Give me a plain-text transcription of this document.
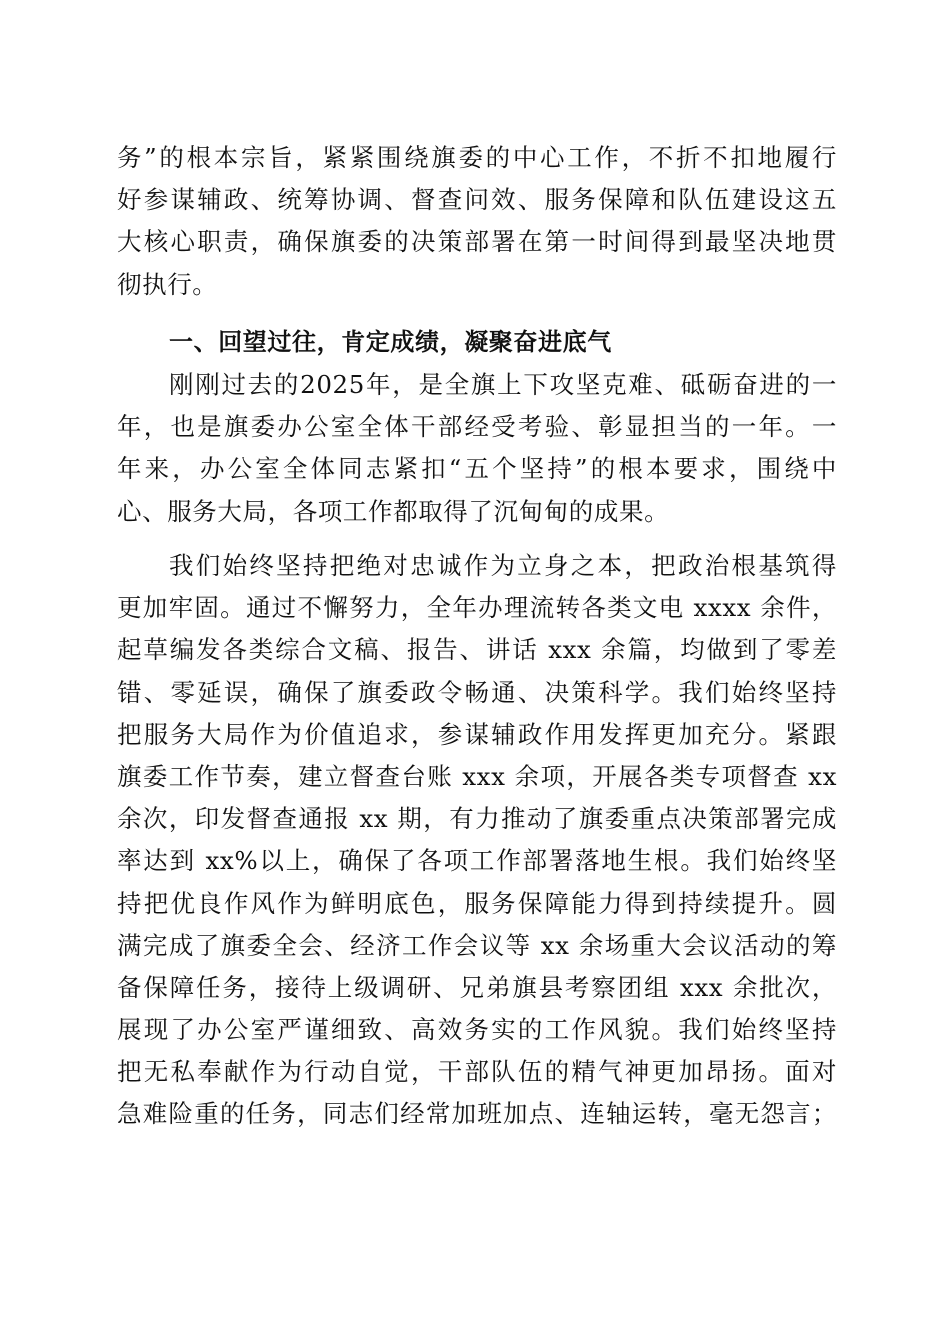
务”的根本宗旨，紧紧围绕旗委的中心工作，不折不扣地履行
好参谋辅政、统筹协调、督查问效、服务保障和队伍建设这五
大核心职责，确保旗委的决策部署在第一时间得到最坚决地贯
彻执行。
一、回望过往，肯定成绩，凝聚奋进底气
刚刚过去的2025年，是全旗上下攻坚克难、砥砺奋进的一
年，也是旗委办公室全体干部经受考验、彰显担当的一年。一
年来，办公室全体同志紧扣“五个坚持”的根本要求，围绕中
心、服务大局，各项工作都取得了沉甸甸的成果。
我们始终坚持把绝对忠诚作为立身之本，把政治根基筑得
更加牢固。通过不懈努力，全年办理流转各类文电 xxxx 余件，
起草编发各类综合文稿、报告、讲话 xxx 余篇，均做到了零差
错、零延误，确保了旗委政令畅通、决策科学。我们始终坚持
把服务大局作为价值追求，参谋辅政作用发挥更加充分。紧跟
旗委工作节奏，建立督查台账 xxx 余项，开展各类专项督查 xx
余次，印发督查通报 xx 期，有力推动了旗委重点决策部署完成
率达到 xx%以上，确保了各项工作部署落地生根。我们始终坚
持把优良作风作为鲜明底色，服务保障能力得到持续提升。圆
满完成了旗委全会、经济工作会议等 xx 余场重大会议活动的筹
备保障任务，接待上级调研、兄弟旗县考察团组 xxx 余批次，
展现了办公室严谨细致、高效务实的工作风貌。我们始终坚持
把无私奉献作为行动自觉，干部队伍的精气神更加昂扬。面对
急难险重的任务，同志们经常加班加点、连轴运转，毫无怨言；
